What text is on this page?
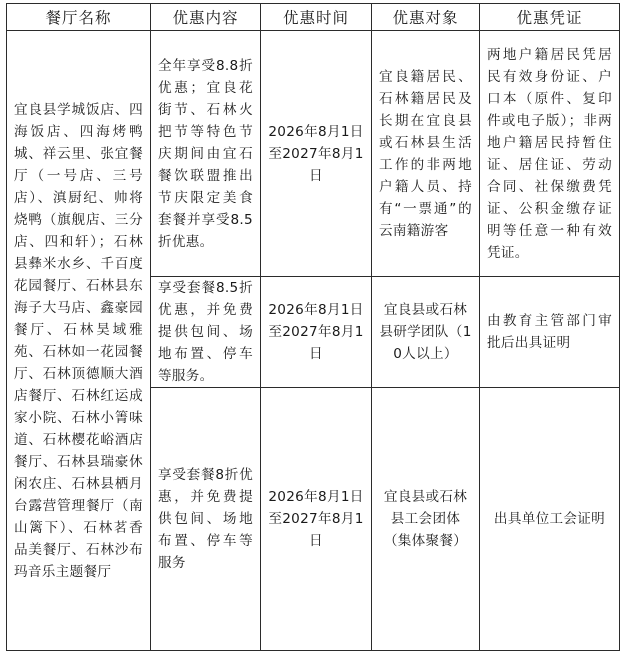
餐厅名称	优惠内容	优惠时间	优惠对象	优惠凭证

宜良县学城饭店、四海饭店、四海烤鸭城、祥云里、张宜餐厅（一号店、三号店）、滇厨纪、帅将烧鸭（旗舰店、三分店、四和轩）；石林县彝米水乡、千百度花园餐厅、石林县东海子大马店、鑫豪园餐厅、石林昊域雅苑、石林如一花园餐厅、石林顶德顺大酒店餐厅、石林红运成家小院、石林小箐味道、石林樱花峪酒店餐厅、石林县瑞豪休闲农庄、石林县栖月台露营管理餐厅（南山篱下）、石林茗香品美餐厅、石林沙布玛音乐主题餐厅	全年享受8.8折优惠；宜良花街节、石林火把节等特色节庆期间由宜石餐饮联盟推出节庆限定美食套餐并享受8.5折优惠。	2026年8月1日至2027年8月1日	宜良籍居民、石林籍居民及长期在宜良县或石林县生活工作的非两地户籍人员、持有“一票通”的云南籍游客	两地户籍居民凭居民有效身份证、户口本（原件、复印件或电子版）；非两地户籍居民持暂住证、居住证、劳动合同、社保缴费凭证、公积金缴存证明等任意一种有效凭证。

	享受套餐8.5折优惠，并免费提供包间、场地布置、停车等服务。	2026年8月1日至2027年8月1日	宜良县或石林县研学团队（10人以上）	由教育主管部门审批后出具证明

	享受套餐8折优惠，并免费提供包间、场地布置、停车等服务	2026年8月1日至2027年8月1日	宜良县或石林县工会团体（集体聚餐）	出具单位工会证明
